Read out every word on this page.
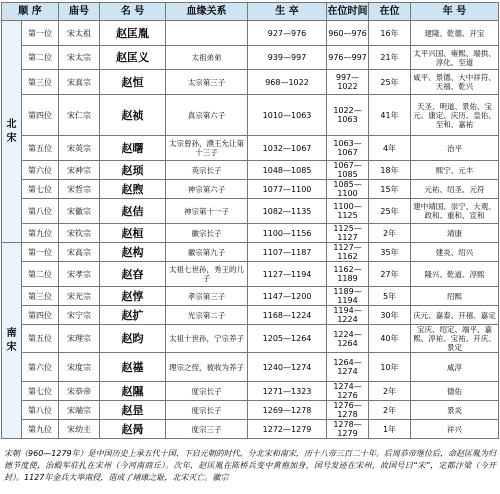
顺 序		庙号	名 号	血缘关系	生 卒	在位时间	在位	年 号

北
宋	第一位	宋太祖	赵匡胤		927—976	960—976	16年	建隆、乾德、开宝
	第二位	宋太宗	赵匡义	太祖弟弟	939—997	976—997	21年	太平兴国、雍熙、端拱、淳化、至道
	第三位	宋真宗	赵恒	太宗第三子	968—1022	997—1022	25年	咸平、景德、大中祥符、天禧、乾兴
	第四位	宋仁宗	赵祯	真宗第六子	1010—1063	1022—1063	41年	天圣、明道、景佑、宝元、康定、庆历、皇佑、至和、嘉祐
	第五位	宋英宗	赵曙	太宗曾孙，濮王允让第十三子	1032—1067	1063—1067	4年	治平
	第六位	宋神宗	赵顼	英宗长子	1048—1085	1067—1085	18年	熙宁、元丰
	第七位	宋哲宗	赵煦	神宗第六子	1077—1100	1085—1100	15年	元祐、绍圣、元符
	第八位	宋徽宗	赵佶	神宗第十一子	1082—1135	1100—1125	25年	建中靖国、崇宁、大观、政和、重和、宣和
	第九位	宋钦宗	赵桓	徽宗长子	1100—1156	1125—1127	2年	靖康

南
宋	第一位	宋高宗	赵构	徽宗第九子	1107—1187	1127—1162	35年	建炎、绍兴
	第二位	宋孝宗	赵昚	太祖七世孙，秀王的儿子	1127—1194	1162—1189	27年	隆兴、乾道、淳熙
	第三位	宋光宗	赵惇	孝宗第三子	1147—1200	1189—1194	5年	绍熙
	第四位	宋宁宗	赵扩	光宗第二子	1168—1224	1194—1224	30年	庆元、嘉泰、开禧、嘉定
	第五位	宋理宗	赵昀	太祖十世孙，宁宗养子	1205—1264	1224—1264	40年	宝庆、绍定、端平、嘉熙、淳祐、宝祐、开庆、景定
	第六位	宋度宗	赵禥	理宗之侄，被收为养子	1240—1274	1264—1274	10年	咸淳
	第七位	宋恭帝	赵隰	度宗长子	1271—1323	1274—1276	2年	德佑
	第八位	宋端宗	赵昰	度宗长子	1269—1278	1276—1278	2年	景炎
	第九位	宋幼主	赵昺	度宗三子	1272—1279	1278—1279	1年	祥兴
宋朝（960—1279年）是中国历史上承五代十国、下启元朝的时代，分北宋和南宋，历十八帝三百二十年。后周恭帝继位后，命赵匡胤为归德节度使，治殿军驻扎在宋州（今河南商丘）。次年，赵匡胤在陈桥兵变中黄袍加身，国号发迹在宋州，故国号曰“宋”，定都汴梁（今开封）。1127年金兵大举南侵，造成了靖康之耻，北宋灭亡。徽宗
